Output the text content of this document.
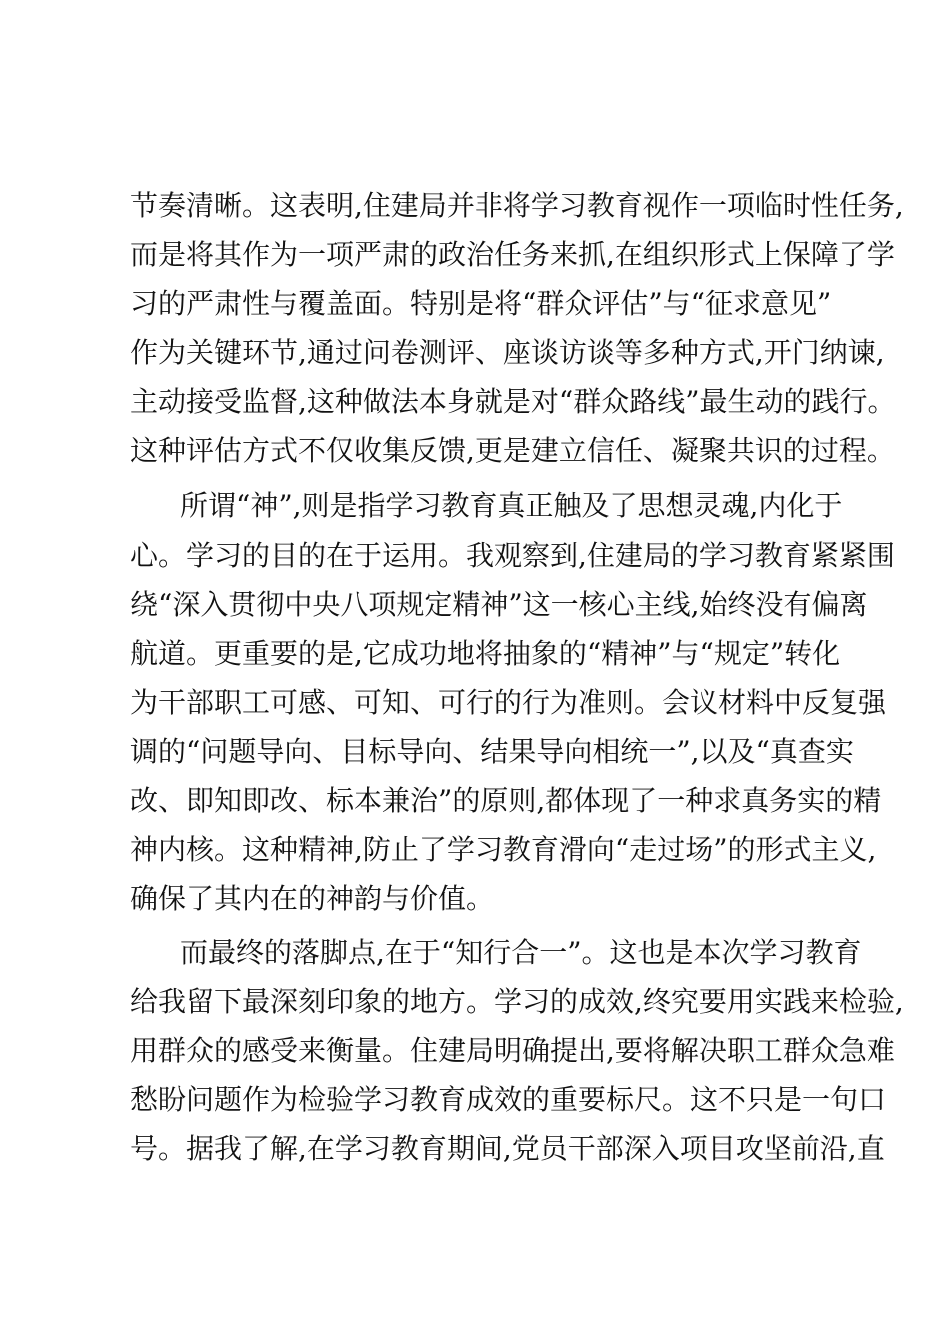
节奏清晰。这表明,住建局并非将学习教育视作一项临时性任务,
而是将其作为一项严肃的政治任务来抓,在组织形式上保障了学
习的严肃性与覆盖面。特别是将“群众评估”与“征求意见”
作为关键环节,通过问卷测评、座谈访谈等多种方式,开门纳谏,
主动接受监督,这种做法本身就是对“群众路线”最生动的践行。
这种评估方式不仅收集反馈,更是建立信任、凝聚共识的过程。
所谓“神”,则是指学习教育真正触及了思想灵魂,内化于
心。学习的目的在于运用。我观察到,住建局的学习教育紧紧围
绕“深入贯彻中央八项规定精神”这一核心主线,始终没有偏离
航道。更重要的是,它成功地将抽象的“精神”与“规定”转化
为干部职工可感、可知、可行的行为准则。会议材料中反复强
调的“问题导向、目标导向、结果导向相统一”,以及“真查实
改、即知即改、标本兼治”的原则,都体现了一种求真务实的精
神内核。这种精神,防止了学习教育滑向“走过场”的形式主义,
确保了其内在的神韵与价值。
而最终的落脚点,在于“知行合一”。这也是本次学习教育
给我留下最深刻印象的地方。学习的成效,终究要用实践来检验,
用群众的感受来衡量。住建局明确提出,要将解决职工群众急难
愁盼问题作为检验学习教育成效的重要标尺。这不只是一句口
号。据我了解,在学习教育期间,党员干部深入项目攻坚前沿,直
